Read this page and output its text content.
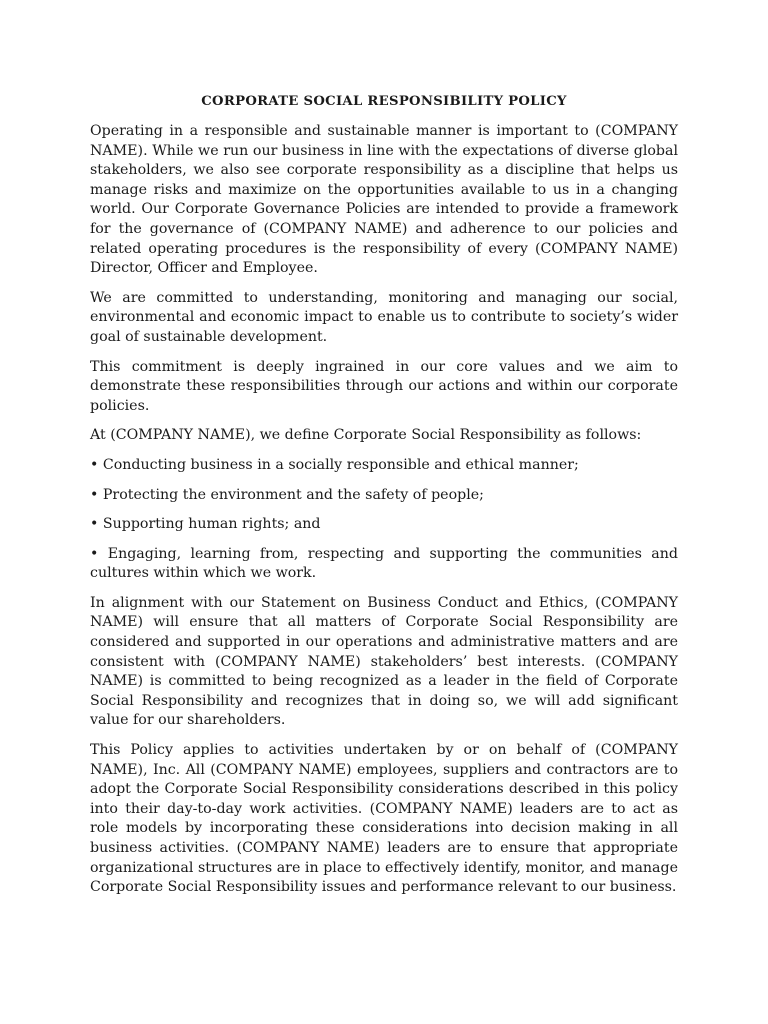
CORPORATE SOCIAL RESPONSIBILITY POLICY

Operating in a responsible and sustainable manner is important to (COMPANY NAME). While we run our business in line with the expectations of diverse global stakeholders, we also see corporate responsibility as a discipline that helps us manage risks and maximize on the opportunities available to us in a changing world. Our Corporate Governance Policies are intended to provide a framework for the governance of (COMPANY NAME) and adherence to our policies and related operating procedures is the responsibility of every (COMPANY NAME) Director, Officer and Employee.

We are committed to understanding, monitoring and managing our social, environmental and economic impact to enable us to contribute to society’s wider goal of sustainable development.

This commitment is deeply ingrained in our core values and we aim to demonstrate these responsibilities through our actions and within our corporate policies.

At (COMPANY NAME), we define Corporate Social Responsibility as follows:

• Conducting business in a socially responsible and ethical manner;

• Protecting the environment and the safety of people;

• Supporting human rights; and

• Engaging, learning from, respecting and supporting the communities and cultures within which we work.

In alignment with our Statement on Business Conduct and Ethics, (COMPANY NAME) will ensure that all matters of Corporate Social Responsibility are considered and supported in our operations and administrative matters and are consistent with (COMPANY NAME) stakeholders’ best interests. (COMPANY NAME) is committed to being recognized as a leader in the field of Corporate Social Responsibility and recognizes that in doing so, we will add significant value for our shareholders.

This Policy applies to activities undertaken by or on behalf of (COMPANY NAME), Inc. All (COMPANY NAME) employees, suppliers and contractors are to adopt the Corporate Social Responsibility considerations described in this policy into their day-to-day work activities. (COMPANY NAME) leaders are to act as role models by incorporating these considerations into decision making in all business activities. (COMPANY NAME) leaders are to ensure that appropriate organizational structures are in place to effectively identify, monitor, and manage Corporate Social Responsibility issues and performance relevant to our business.
